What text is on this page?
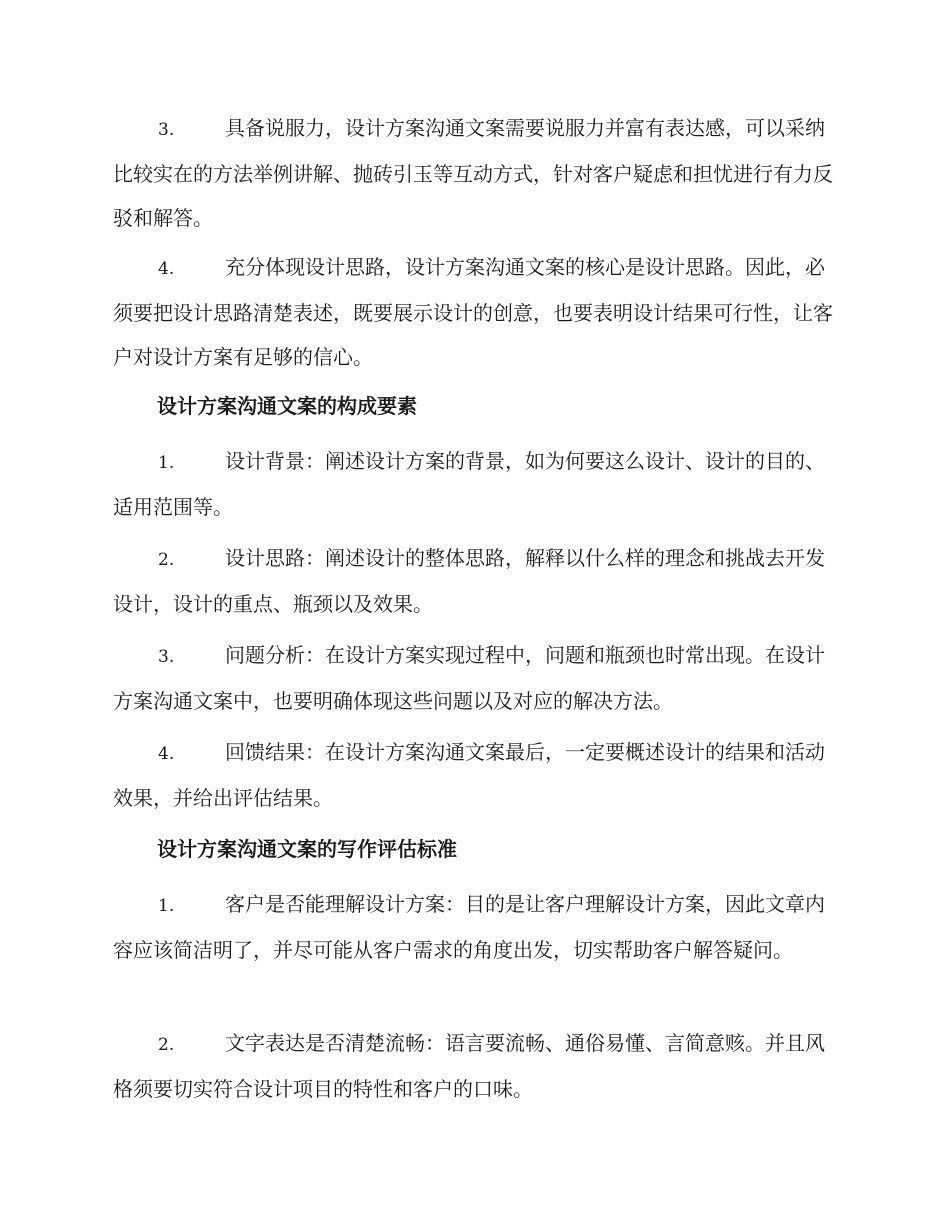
3.	具备说服力，设计方案沟通文案需要说服力并富有表达感，可以采纳比较实在的方法举例讲解、抛砖引玉等互动方式，针对客户疑虑和担忧进行有力反驳和解答。

4.	充分体现设计思路，设计方案沟通文案的核心是设计思路。因此，必须要把设计思路清楚表述，既要展示设计的创意，也要表明设计结果可行性，让客户对设计方案有足够的信心。

设计方案沟通文案的构成要素

1.	设计背景：阐述设计方案的背景，如为何要这么设计、设计的目的、适用范围等。

2.	设计思路：阐述设计的整体思路，解释以什么样的理念和挑战去开发设计，设计的重点、瓶颈以及效果。

3.	问题分析：在设计方案实现过程中，问题和瓶颈也时常出现。在设计方案沟通文案中，也要明确体现这些问题以及对应的解决方法。

4.	回馈结果：在设计方案沟通文案最后，一定要概述设计的结果和活动效果，并给出评估结果。

设计方案沟通文案的写作评估标准

1.	客户是否能理解设计方案：目的是让客户理解设计方案，因此文章内容应该简洁明了，并尽可能从客户需求的角度出发，切实帮助客户解答疑问。

2.	文字表达是否清楚流畅：语言要流畅、通俗易懂、言简意赅。并且风格须要切实符合设计项目的特性和客户的口味。
